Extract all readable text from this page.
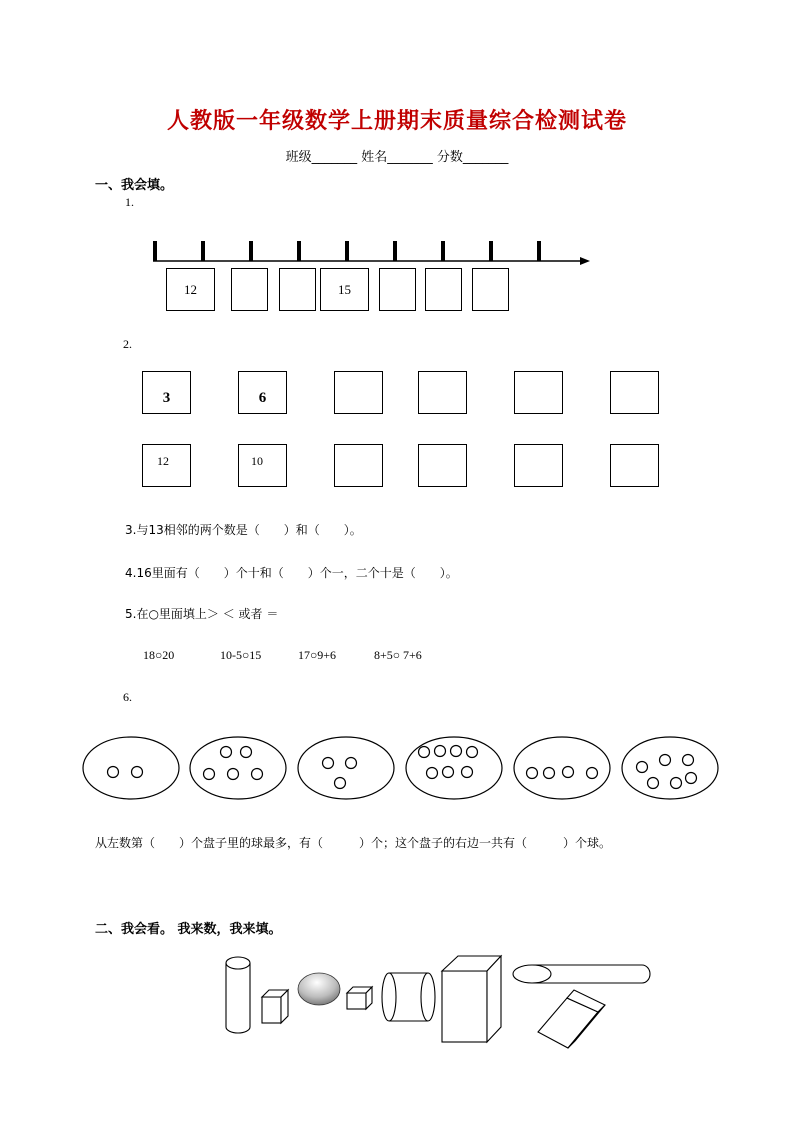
人教版一年级数学上册期末质量综合检测试卷
班级_______ 姓名_______ 分数_______
一、我会填。
1.
12	15
2.
3	6
12	10
3.与13相邻的两个数是（　　）和（　　）。
4.16里面有（　　）个十和（　　）个一，二个十是（　　）。
5.在○里面填上＞ ＜ 或者 ＝
18○20	10-5○15	17○9+6	8+5○ 7+6
6.
从左数第（　　）个盘子里的球最多，有（　　　）个；这个盘子的右边一共有（　　　）个球。
二、我会看。 我来数，我来填。
